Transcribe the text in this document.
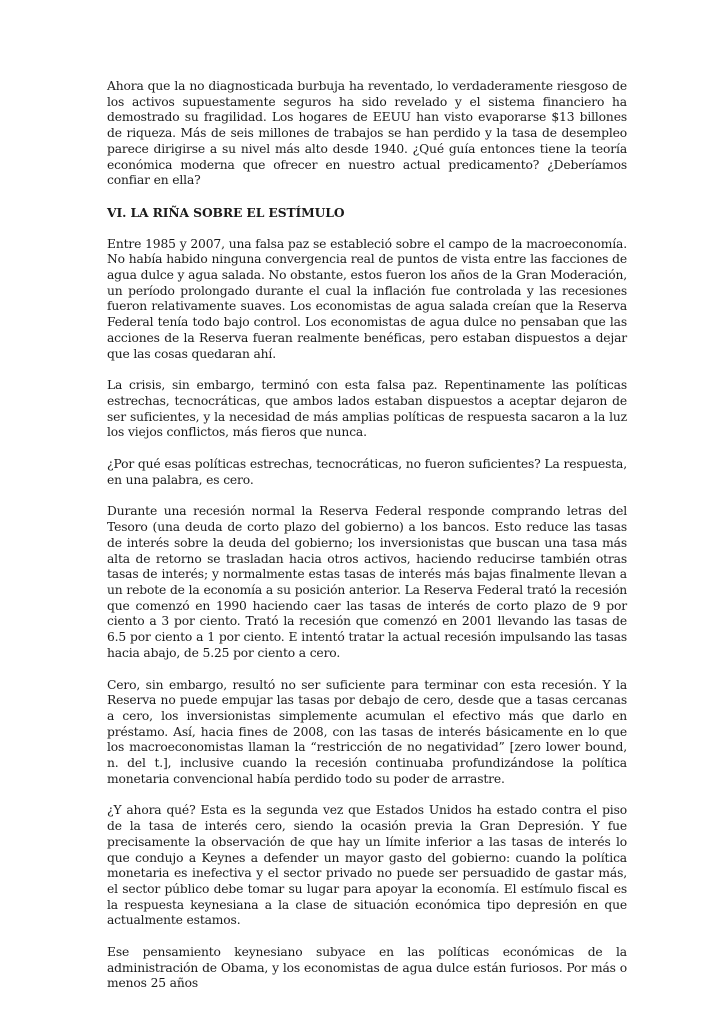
Ahora que la no diagnosticada burbuja ha reventado, lo verdaderamente riesgoso de los activos supuestamente seguros ha sido revelado y el sistema financiero ha demostrado su fragilidad. Los hogares de EEUU han visto evaporarse $13 billones de riqueza. Más de seis millones de trabajos se han perdido y la tasa de desempleo parece dirigirse a su nivel más alto desde 1940. ¿Qué guía entonces tiene la teoría económica moderna que ofrecer en nuestro actual predicamento? ¿Deberíamos confiar en ella?

VI. LA RIÑA SOBRE EL ESTÍMULO

Entre 1985 y 2007, una falsa paz se estableció sobre el campo de la macroeconomía. No había habido ninguna convergencia real de puntos de vista entre las facciones de agua dulce y agua salada. No obstante, estos fueron los años de la Gran Moderación, un período prolongado durante el cual la inflación fue controlada y las recesiones fueron relativamente suaves. Los economistas de agua salada creían que la Reserva Federal tenía todo bajo control. Los economistas de agua dulce no pensaban que las acciones de la Reserva fueran realmente benéficas, pero estaban dispuestos a dejar que las cosas quedaran ahí.

La crisis, sin embargo, terminó con esta falsa paz. Repentinamente las políticas estrechas, tecnocráticas, que ambos lados estaban dispuestos a aceptar dejaron de ser suficientes, y la necesidad de más amplias políticas de respuesta sacaron a la luz los viejos conflictos, más fieros que nunca.

¿Por qué esas políticas estrechas, tecnocráticas, no fueron suficientes? La respuesta, en una palabra, es cero.

Durante una recesión normal la Reserva Federal responde comprando letras del Tesoro (una deuda de corto plazo del gobierno) a los bancos. Esto reduce las tasas de interés sobre la deuda del gobierno; los inversionistas que buscan una tasa más alta de retorno se trasladan hacia otros activos, haciendo reducirse también otras tasas de interés; y normalmente estas tasas de interés más bajas finalmente llevan a un rebote de la economía a su posición anterior. La Reserva Federal trató la recesión que comenzó en 1990 haciendo caer las tasas de interés de corto plazo de 9 por ciento a 3 por ciento. Trató la recesión que comenzó en 2001 llevando las tasas de 6.5 por ciento a 1 por ciento. E intentó tratar la actual recesión impulsando las tasas hacia abajo, de 5.25 por ciento a cero.

Cero, sin embargo, resultó no ser suficiente para terminar con esta recesión. Y la Reserva no puede empujar las tasas por debajo de cero, desde que a tasas cercanas a cero, los inversionistas simplemente acumulan el efectivo más que darlo en préstamo. Así, hacia fines de 2008, con las tasas de interés básicamente en lo que los macroeconomistas llaman la “restricción de no negatividad” [zero lower bound, n. del t.], inclusive cuando la recesión continuaba profundizándose la política monetaria convencional había perdido todo su poder de arrastre.

¿Y ahora qué? Esta es la segunda vez que Estados Unidos ha estado contra el piso de la tasa de interés cero, siendo la ocasión previa la Gran Depresión. Y fue precisamente la observación de que hay un límite inferior a las tasas de interés lo que condujo a Keynes a defender un mayor gasto del gobierno: cuando la política monetaria es inefectiva y el sector privado no puede ser persuadido de gastar más, el sector público debe tomar su lugar para apoyar la economía. El estímulo fiscal es la respuesta keynesiana a la clase de situación económica tipo depresión en que actualmente estamos.

Ese pensamiento keynesiano subyace en las políticas económicas de la administración de Obama, y los economistas de agua dulce están furiosos. Por más o menos 25 años
